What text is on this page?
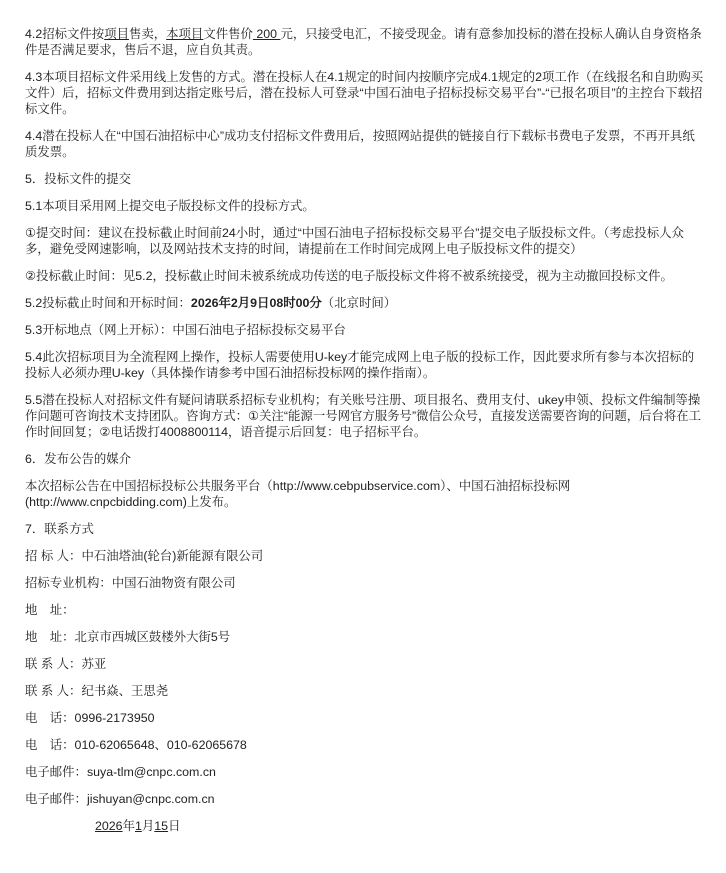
4.2招标文件按项目售卖，本项目文件售价 200 元，只接受电汇，不接受现金。请有意参加投标的潜在投标人确认自身资格条件是否满足要求，售后不退，应自负其责。

4.3本项目招标文件采用线上发售的方式。潜在投标人在4.1规定的时间内按顺序完成4.1规定的2项工作（在线报名和自助购买文件）后，招标文件费用到达指定账号后，潜在投标人可登录“中国石油电子招标投标交易平台”-“已报名项目”的主控台下载招标文件。

4.4潜在投标人在“中国石油招标中心”成功支付招标文件费用后，按照网站提供的链接自行下载标书费电子发票，不再开具纸质发票。

5．投标文件的提交

5.1本项目采用网上提交电子版投标文件的投标方式。

①提交时间：建议在投标截止时间前24小时，通过“中国石油电子招标投标交易平台”提交电子版投标文件。（考虑投标人众多，避免受网速影响，以及网站技术支持的时间，请提前在工作时间完成网上电子版投标文件的提交）

②投标截止时间：见5.2，投标截止时间未被系统成功传送的电子版投标文件将不被系统接受，视为主动撤回投标文件。

5.2投标截止时间和开标时间：2026年2月9日08时00分（北京时间）

5.3开标地点（网上开标）：中国石油电子招标投标交易平台

5.4此次招标项目为全流程网上操作，投标人需要使用U-key才能完成网上电子版的投标工作，因此要求所有参与本次招标的投标人必须办理U-key（具体操作请参考中国石油招标投标网的操作指南）。

5.5潜在投标人对招标文件有疑问请联系招标专业机构；有关账号注册、项目报名、费用支付、ukey申领、投标文件编制等操作问题可咨询技术支持团队。咨询方式：①关注“能源一号网官方服务号”微信公众号，直接发送需要咨询的问题，后台将在工作时间回复；②电话拨打4008800114，语音提示后回复：电子招标平台。

6．发布公告的媒介

本次招标公告在中国招标投标公共服务平台（http://www.cebpubservice.com）、中国石油招标投标网(http://www.cnpcbidding.com)上发布。

7．联系方式

招 标 人：中石油塔油(轮台)新能源有限公司

招标专业机构：中国石油物资有限公司

地　址：

地　址：北京市西城区鼓楼外大街5号

联 系 人：苏亚

联 系 人：纪书焱、王思尧

电　话：0996-2173950

电　话：010-62065648、010-62065678

电子邮件：suya-tlm@cnpc.com.cn

电子邮件：jishuyan@cnpc.com.cn

2026年1月15日
